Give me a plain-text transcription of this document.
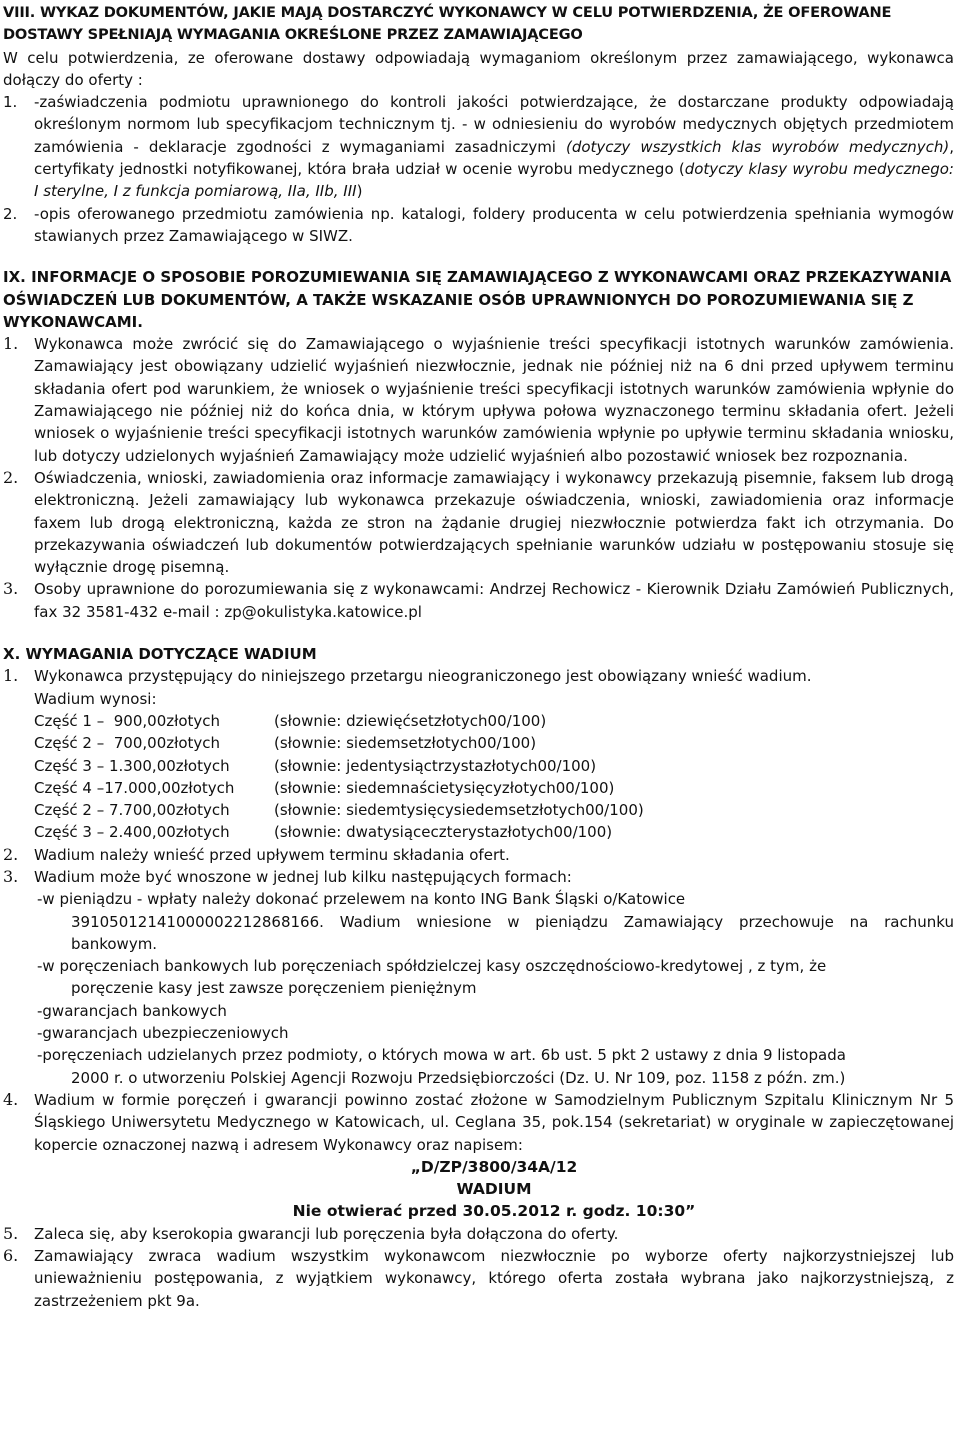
VIII. WYKAZ DOKUMENTÓW, JAKIE MAJĄ DOSTARCZYĆ WYKONAWCY W CELU POTWIERDZENIA, ŻE OFEROWANE DOSTAWY SPEŁNIAJĄ WYMAGANIA OKREŚLONE PRZEZ ZAMAWIAJĄCEGO

W celu potwierdzenia, ze oferowane dostawy odpowiadają wymaganiom określonym przez zamawiającego, wykonawca dołączy do oferty :

1.	-zaświadczenia podmiotu uprawnionego do kontroli jakości potwierdzające, że dostarczane produkty odpowiadają określonym normom lub specyfikacjom technicznym tj. - w odniesieniu do wyrobów medycznych objętych przedmiotem zamówienia - deklaracje zgodności z wymaganiami zasadniczymi (dotyczy wszystkich klas wyrobów medycznych), certyfikaty jednostki notyfikowanej, która brała udział w ocenie wyrobu medycznego (dotyczy klasy wyrobu medycznego: I sterylne, I z funkcja pomiarową, IIa, IIb, III)
2.	-opis oferowanego przedmiotu zamówienia np. katalogi, foldery producenta w celu potwierdzenia spełniania wymogów stawianych przez Zamawiającego w SIWZ.

IX. INFORMACJE O SPOSOBIE POROZUMIEWANIA SIĘ ZAMAWIAJĄCEGO Z WYKONAWCAMI ORAZ PRZEKAZYWANIA OŚWIADCZEŃ LUB DOKUMENTÓW, A TAKŻE WSKAZANIE OSÓB UPRAWNIONYCH DO POROZUMIEWANIA SIĘ Z WYKONAWCAMI.

1.	Wykonawca może zwrócić się do Zamawiającego o wyjaśnienie treści specyfikacji istotnych warunków zamówienia. Zamawiający jest obowiązany udzielić wyjaśnień niezwłocznie, jednak nie później niż na 6 dni przed upływem terminu składania ofert pod warunkiem, że wniosek o wyjaśnienie treści specyfikacji istotnych warunków zamówienia wpłynie do Zamawiającego nie później niż do końca dnia, w którym upływa połowa wyznaczonego terminu składania ofert. Jeżeli wniosek o wyjaśnienie treści specyfikacji istotnych warunków zamówienia wpłynie po upływie terminu składania wniosku, lub dotyczy udzielonych wyjaśnień Zamawiający może udzielić wyjaśnień albo pozostawić wniosek bez rozpoznania.
2.	Oświadczenia, wnioski, zawiadomienia oraz informacje zamawiający i wykonawcy przekazują pisemnie, faksem lub drogą elektroniczną. Jeżeli zamawiający lub wykonawca przekazuje oświadczenia, wnioski, zawiadomienia oraz informacje faxem lub drogą elektroniczną, każda ze stron na żądanie drugiej niezwłocznie potwierdza fakt ich otrzymania. Do przekazywania oświadczeń lub dokumentów potwierdzających spełnianie warunków udziału w postępowaniu stosuje się wyłącznie drogę pisemną.
3.	Osoby uprawnione do porozumiewania się z wykonawcami: Andrzej Rechowicz - Kierownik Działu Zamówień Publicznych, fax 32 3581-432 e-mail : zp@okulistyka.katowice.pl

X. WYMAGANIA DOTYCZĄCE WADIUM

1.	Wykonawca przystępujący do niniejszego przetargu nieograniczonego jest obowiązany wnieść wadium.

Wadium wynosi:

Część 1 –  900,00złotych	(słownie: dziewięćsetzłotych00/100)
Część 2 –  700,00złotych	(słownie: siedemsetzłotych00/100)
Część 3 – 1.300,00złotych	(słownie: jedentysiąctrzystazłotych00/100)
Część 4 –17.000,00złotych	(słownie: siedemnaścietysięcyzłotych00/100)
Część 2 – 7.700,00złotych	(słownie: siedemtysięcysiedemsetzłotych00/100)
Część 3 – 2.400,00złotych	(słownie: dwatysiąceczterystazłotych00/100)
2.	Wadium należy wnieść przed upływem terminu składania ofert.
3.	Wadium może być wnoszone w jednej lub kilku następujących formach:

-w pieniądzu - wpłaty należy dokonać przelewem na konto ING Bank Śląski o/Katowice

39105012141000002212868166. Wadium wniesione w pieniądzu Zamawiający przechowuje na rachunku bankowym.

-w poręczeniach bankowych lub poręczeniach spółdzielczej kasy oszczędnościowo-kredytowej , z tym, że

poręczenie kasy jest zawsze poręczeniem pieniężnym

-gwarancjach bankowych

-gwarancjach ubezpieczeniowych

-poręczeniach udzielanych przez podmioty, o których mowa w art. 6b ust. 5 pkt 2 ustawy z dnia 9 listopada

2000 r. o utworzeniu Polskiej Agencji Rozwoju Przedsiębiorczości (Dz. U. Nr 109, poz. 1158 z późn. zm.)

4.	Wadium w formie poręczeń i gwarancji powinno zostać złożone w Samodzielnym Publicznym Szpitalu Klinicznym Nr 5 Śląskiego Uniwersytetu Medycznego w Katowicach, ul. Ceglana 35, pok.154 (sekretariat) w oryginale w zapieczętowanej kopercie oznaczonej nazwą i adresem Wykonawcy oraz napisem:

„D/ZP/3800/34A/12

WADIUM

Nie otwierać przed 30.05.2012 r. godz. 10:30”

5.	Zaleca się, aby kserokopia gwarancji lub poręczenia była dołączona do oferty.
6.	Zamawiający zwraca wadium wszystkim wykonawcom niezwłocznie po wyborze oferty najkorzystniejszej lub unieważnieniu postępowania, z wyjątkiem wykonawcy, którego oferta została wybrana jako najkorzystniejszą, z zastrzeżeniem pkt 9a.
